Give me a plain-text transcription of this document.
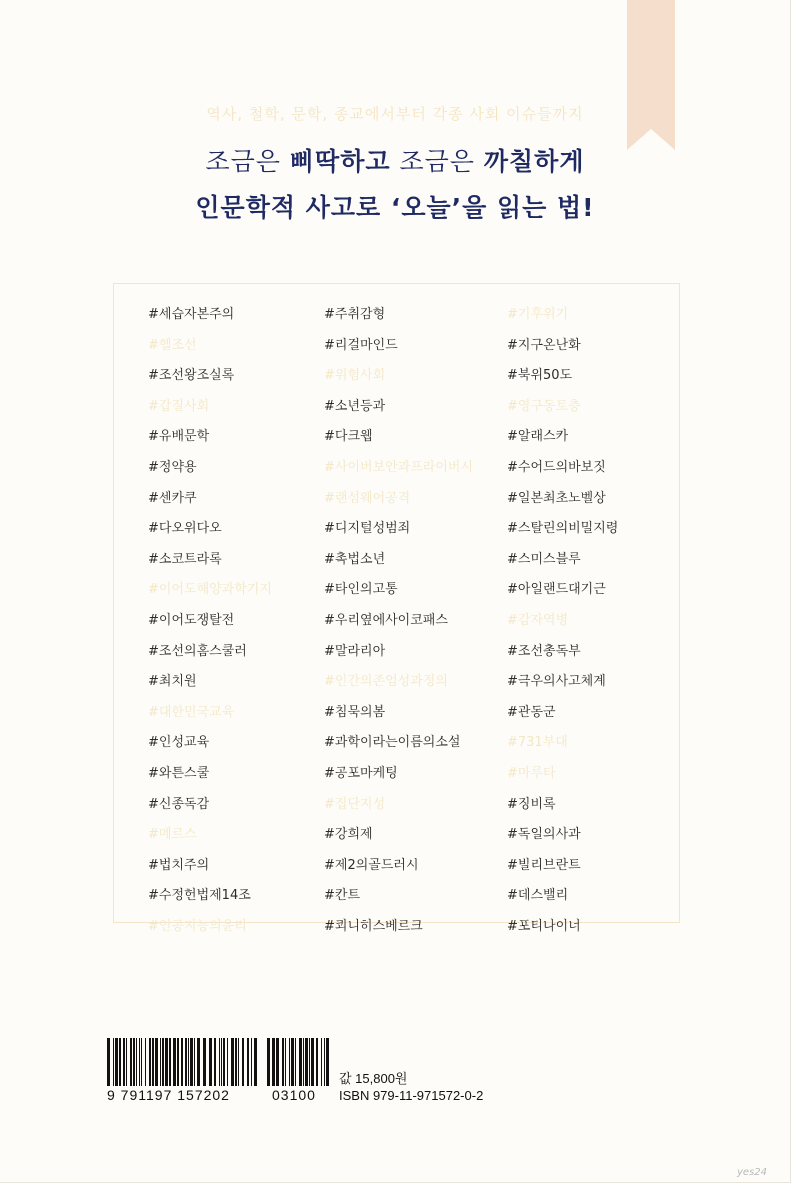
역사, 철학, 문학, 종교에서부터 각종 사회 이슈들까지
조금은 삐딱하고 조금은 까칠하게
인문학적 사고로 ‘오늘’을 읽는 법!
#세습자본주의
#헬조선
#조선왕조실록
#갑질사회
#유배문학
#정약용
#센카쿠
#다오위다오
#소코트라록
#이어도해양과학기지
#이어도쟁탈전
#조선의홈스쿨러
#최치원
#대한민국교육
#인성교육
#와튼스쿨
#신종독감
#메르스
#법치주의
#수정헌법제14조
#인공지능의윤리
#주취감형
#리걸마인드
#위험사회
#소년등과
#다크웹
#사이버보안과프라이버시
#랜섬웨어공격
#디지털성범죄
#촉법소년
#타인의고통
#우리옆에사이코패스
#말라리아
#인간의존엄성과정의
#침묵의봄
#과학이라는이름의소설
#공포마케팅
#집단지성
#강희제
#제2의골드러시
#칸트
#쾨니히스베르크
#기후위기
#지구온난화
#북위50도
#영구동토층
#알래스카
#수어드의바보짓
#일본최초노벨상
#스탈린의비밀지령
#스미스블루
#아일랜드대기근
#감자역병
#조선총독부
#극우의사고체계
#관동군
#731부대
#마루타
#징비록
#독일의사과
#빌리브란트
#데스밸리
#포티나이너
9 791197 157202	03100
값 15,800원
ISBN 979-11-971572-0-2
yes24
